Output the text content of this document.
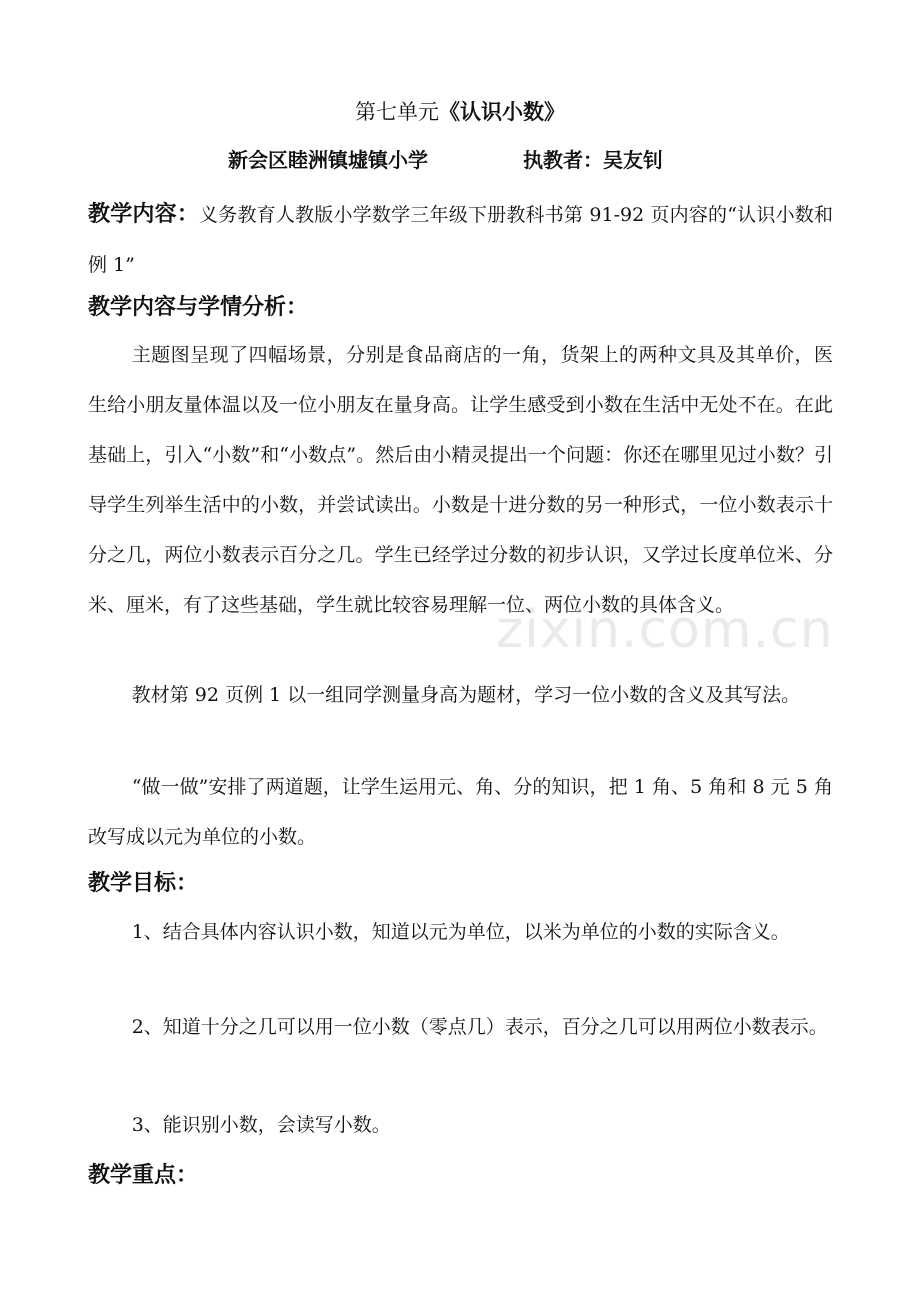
第七单元《认识小数》
新会区睦洲镇墟镇小学	执教者：吴友钊

教学内容：义务教育人教版小学数学三年级下册教科书第 91-92 页内容的“认识小数和例 1”

教学内容与学情分析：

主题图呈现了四幅场景，分别是食品商店的一角，货架上的两种文具及其单价，医生给小朋友量体温以及一位小朋友在量身高。让学生感受到小数在生活中无处不在。在此基础上，引入“小数”和“小数点”。然后由小精灵提出一个问题：你还在哪里见过小数？引导学生列举生活中的小数，并尝试读出。小数是十进分数的另一种形式，一位小数表示十分之几，两位小数表示百分之几。学生已经学过分数的初步认识，又学过长度单位米、分米、厘米，有了这些基础，学生就比较容易理解一位、两位小数的具体含义。

教材第 92 页例 1 以一组同学测量身高为题材，学习一位小数的含义及其写法。

“做一做”安排了两道题，让学生运用元、角、分的知识，把 1 角、5 角和 8 元 5 角改写成以元为单位的小数。

教学目标：

1、结合具体内容认识小数，知道以元为单位，以米为单位的小数的实际含义。

2、知道十分之几可以用一位小数（零点几）表示，百分之几可以用两位小数表示。

3、能识别小数，会读写小数。

教学重点：
zixin.com.cn
